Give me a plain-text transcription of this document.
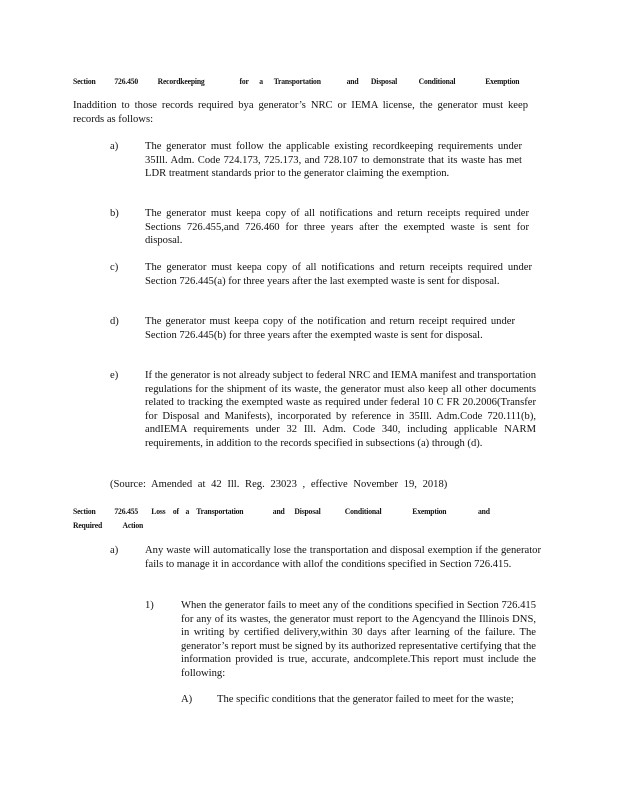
Section 726.450 Recordkeeping	for a Transportation	and Disposal	Conditional	Exemption
Inaddition to those records required bya generator’s NRC or IEMA license, the generator must keep records as follows:
a)	The generator must follow the applicable existing recordkeeping requirements under 35Ill. Adm. Code 724.173, 725.173, and 728.107 to demonstrate that its waste has met LDR treatment standards prior to the generator claiming the exemption.
b) The generator must keepa copy of all notifications and return receipts required under Sections 726.455,and 726.460 for three years after the exempted waste is sent for disposal.
c)	The generator must keepa copy of all notifications and return receipts required under Section 726.445(a) for three years after the last exempted waste is sent for disposal.
d) The generator must keepa copy of the notification and return receipt required under Section 726.445(b) for three years after the exempted waste is sent for disposal.
e)	If the generator is not already subject to federal NRC and IEMA manifest and transportation regulations for the shipment of its waste, the generator must also keep all other documents related to tracking the exempted waste as required under federal 10 C FR 20.2006(Transfer for Disposal and Manifests), incorporated by reference in 35Ill. Adm.Code 720.111(b), andIEMA requirements under 32 Ill. Adm. Code 340, including applicable NARM requirements, in addition to the records specified in subsections (a) through (d).
(Source: Amended at 42 Ill. Reg. 23023 , effective November 19, 2018)
Section 726.455 Loss of a Transportation	and Disposal	Conditional	Exemption	and
Required Action
a)	Any waste will automatically lose the transportation and disposal exemption if the generator fails to manage it in accordance with allof the conditions specified in Section 726.415.
1)	When the generator fails to meet any of the conditions specified in Section 726.415 for any of its wastes, the generator must report to the Agencyand the Illinois DNS, in writing by certified delivery,within 30 days after learning of the failure. The generator’s report must be signed by its authorized representative certifying that the information provided is true, accurate, andcomplete.This report must include the following:
A) The specific conditions that the generator failed to meet for the waste;
